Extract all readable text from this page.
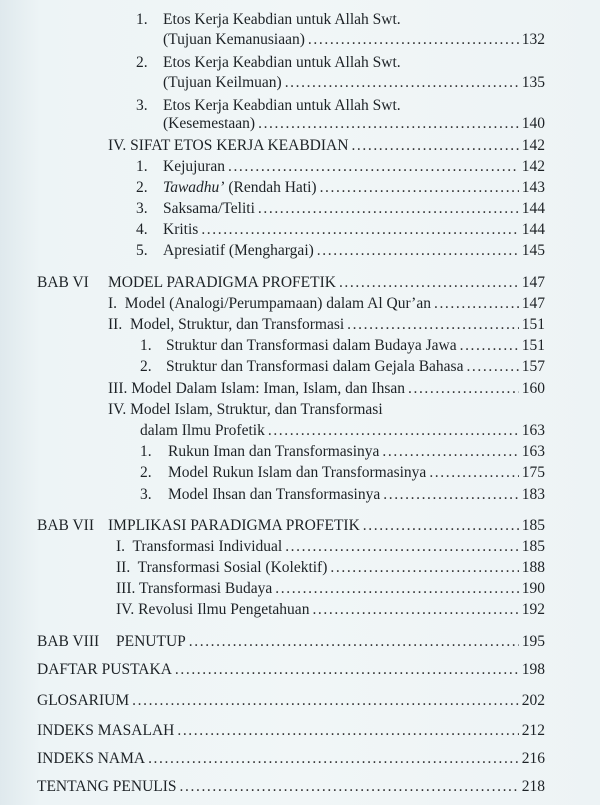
1. Etos Kerja Keabdian untuk Allah Swt.
(Tujuan Kemanusiaan) .....	132
2. Etos Kerja Keabdian untuk Allah Swt.
(Tujuan Keilmuan) .....	135
3. Etos Kerja Keabdian untuk Allah Swt.
(Kesemestaan) .....	140
IV. SIFAT ETOS KERJA KEABDIAN .....	142
1. Kejujuran .....	142
2. Tawadhu’ (Rendah Hati) .....	143
3. Saksama/Teliti .....	144
4. Kritis .....	144
5. Apresiatif (Menghargai) .....	145
BAB VI MODEL PARADIGMA PROFETIK .....	147
I.  Model (Analogi/Perumpamaan) dalam Al Qur’an .....	147
II.  Model, Struktur, dan Transformasi .....	151
1. Struktur dan Transformasi dalam Budaya Jawa .....	151
2. Struktur dan Transformasi dalam Gejala Bahasa .....	157
III. Model Dalam Islam: Iman, Islam, dan Ihsan .....	160
IV. Model Islam, Struktur, dan Transformasi
dalam Ilmu Profetik .....	163
1.	Rukun Iman dan Transformasinya .....	163
2.	Model Rukun Islam dan Transformasinya .....	175
3.	Model Ihsan dan Transformasinya .....	183
BAB VII IMPLIKASI PARADIGMA PROFETIK .....	185
I.  Transformasi Individual .....	185
II.  Transformasi Sosial (Kolektif) .....	188
III. Transformasi Budaya .....	190
IV. Revolusi Ilmu Pengetahuan .....	192
BAB VIII PENUTUP .....	195
DAFTAR PUSTAKA .....	198
GLOSARIUM .....	202
INDEKS MASALAH .....	212
INDEKS NAMA .....	216
TENTANG PENULIS .....	218
